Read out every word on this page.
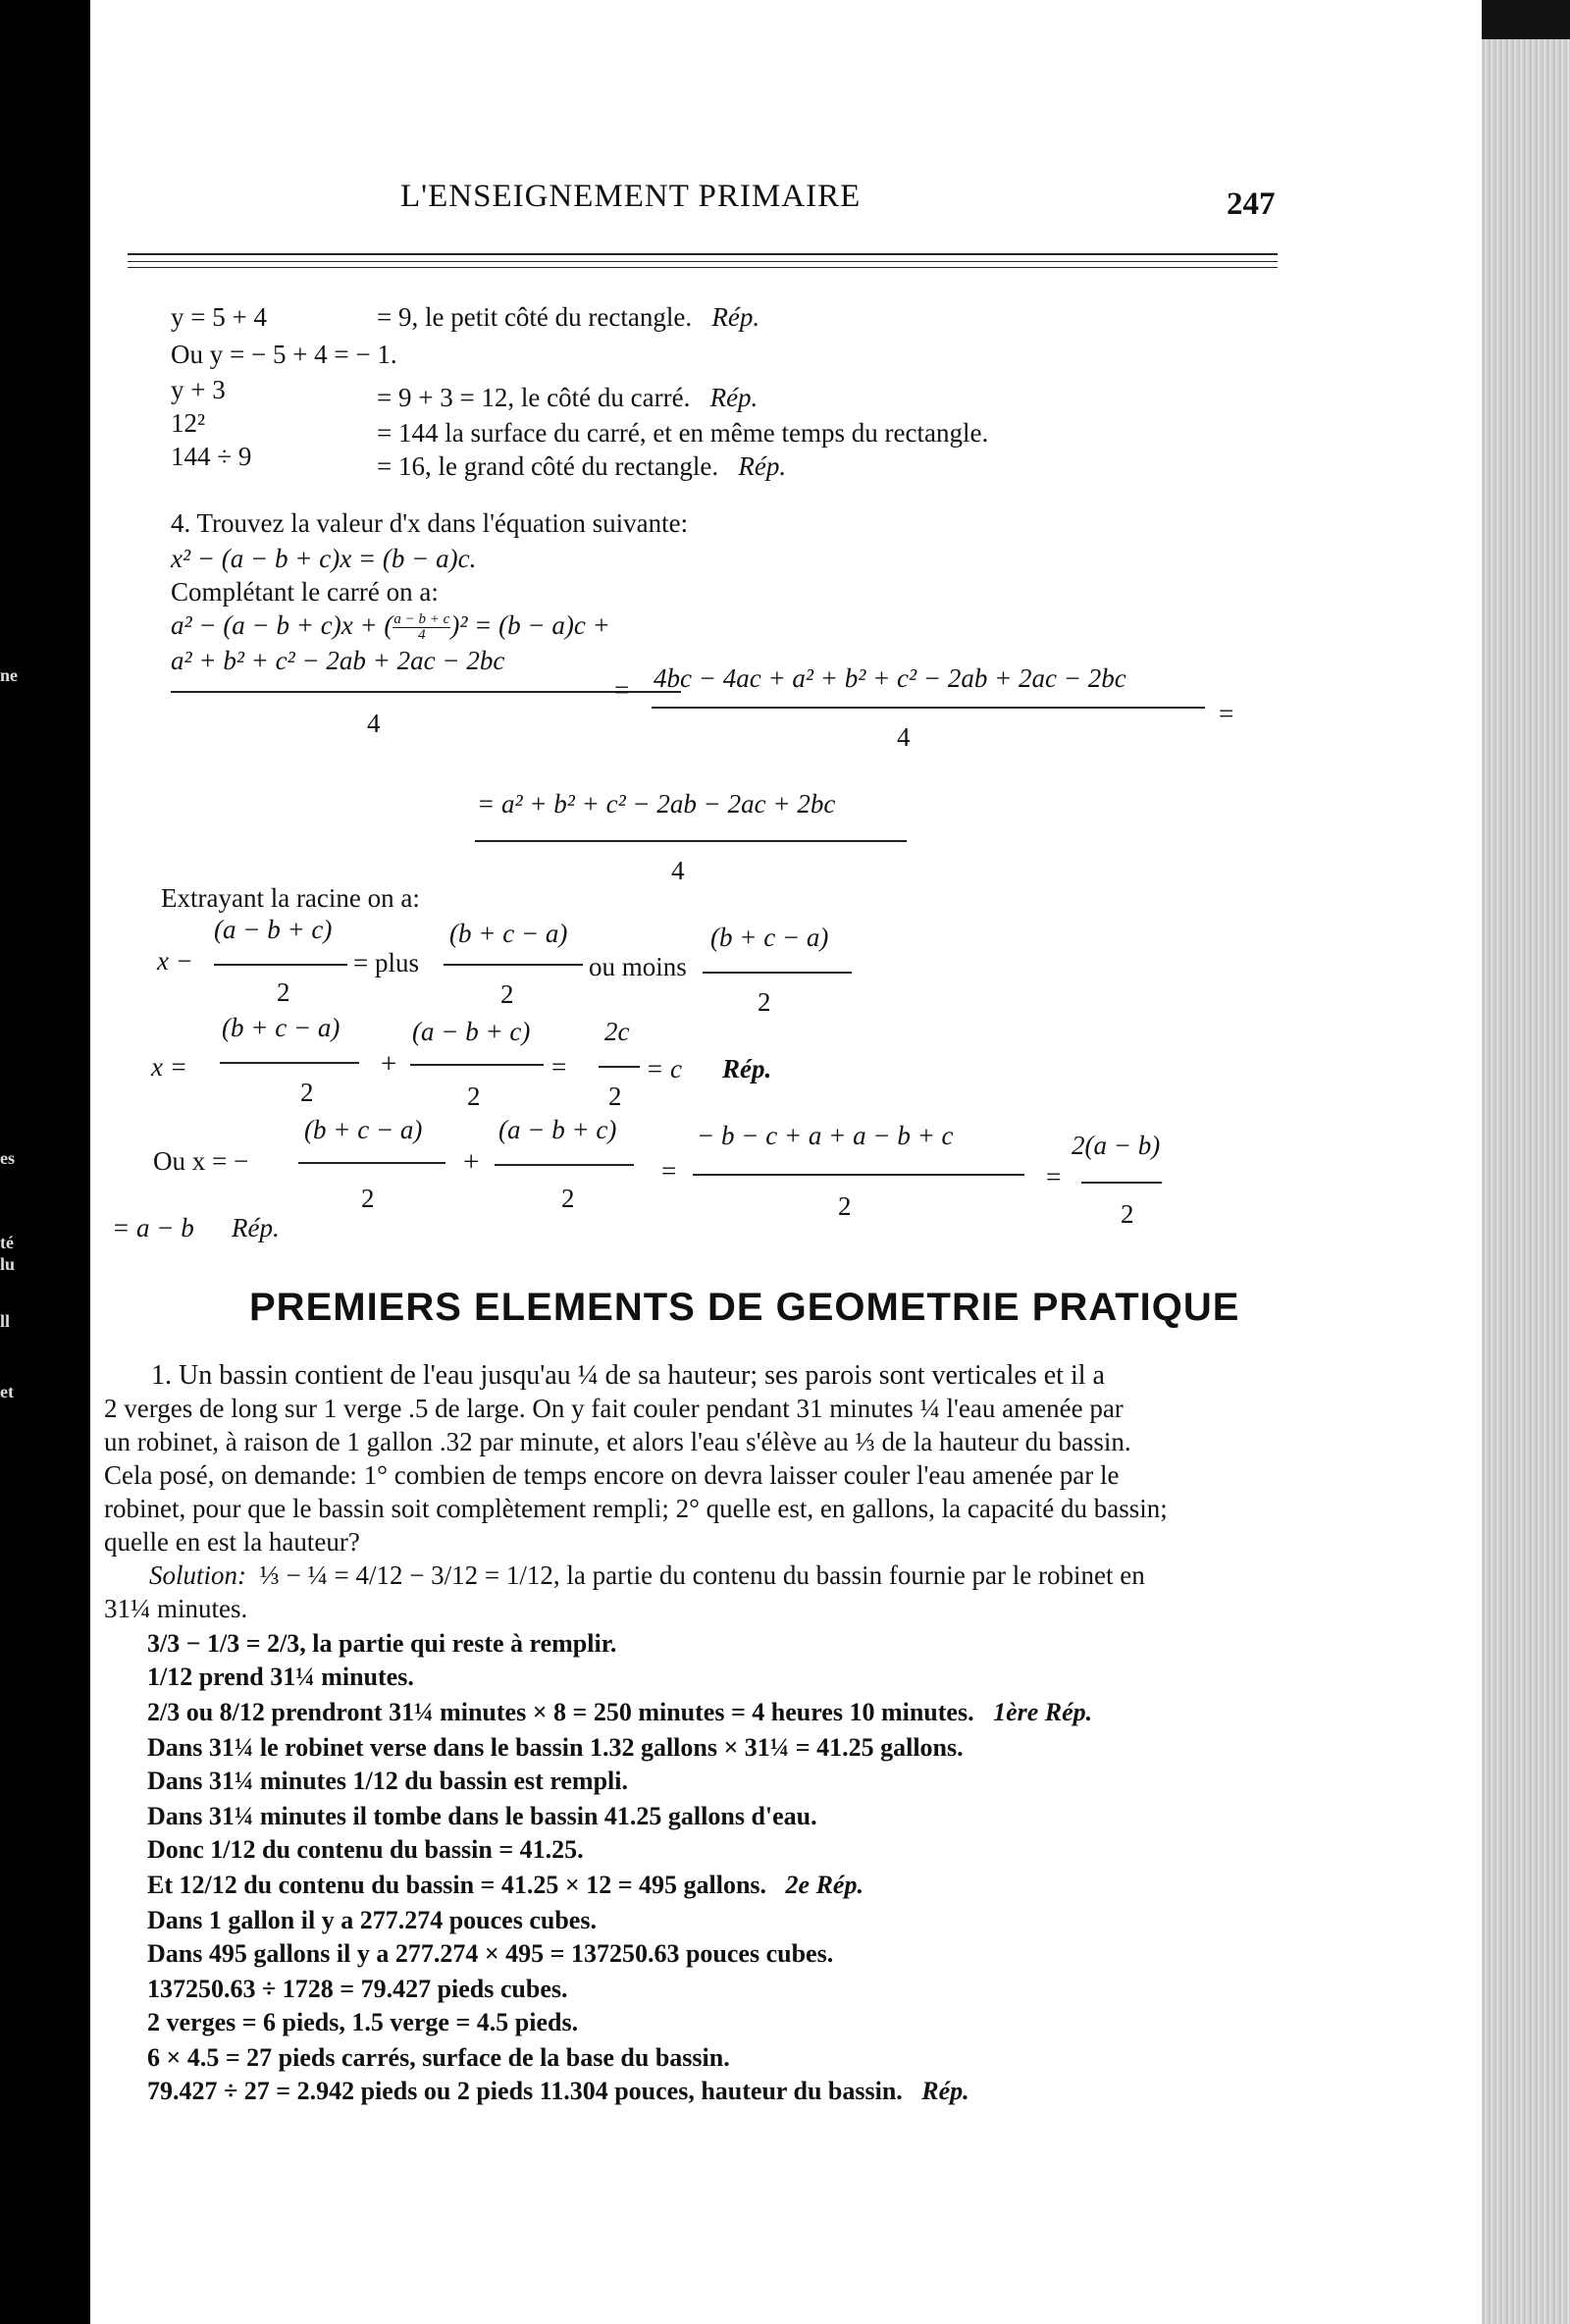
ne
es
té
lu
ll
et
L'ENSEIGNEMENT PRIMAIRE	247
y = 5 + 4	= 9, le petit côté du rectangle. Rép.
Ou y = − 5 + 4 = − 1.
y + 3	= 9 + 3 = 12, le côté du carré. Rép.
12²	= 144 la surface du carré, et en même temps du rectangle.
144 ÷ 9	= 16, le grand côté du rectangle. Rép.
4. Trouvez la valeur d'x dans l'équation suivante:
x² − (a − b + c)x = (b − a)c.
Complétant le carré on a:
a² − (a − b + c)x + ( $\frac{a - b + c}{4} )^2 = (b - a)c$ +
a² + b² + c² − 2ab + 2ac − 2bc
4
= 4bc − 4ac + a² + b² + c² − 2ab + 2ac − 2bc
4
=
= a² + b² + c² − 2ab − 2ac + 2bc
4
Extrayant la racine on a:
x −
(a − b + c)
2
= plus
(b + c − a)
2
ou moins
(b + c − a)
2
x =
(b + c − a)
2
+
(a − b + c)
2
=
2c
2
= c Rép.
Ou x = −
(b + c − a)
2
+
(a − b + c)
2
=
− b − c + a + a − b + c
2
=
2(a − b)
2
= a − b Rép.
PREMIERS ELEMENTS DE GEOMETRIE PRATIQUE
1. Un bassin contient de l'eau jusqu'au ¼ de sa hauteur; ses parois sont verticales et il a
2 verges de long sur 1 verge .5 de large. On y fait couler pendant 31 minutes ¼ l'eau amenée par
un robinet, à raison de 1 gallon .32 par minute, et alors l'eau s'élève au ⅓ de la hauteur du bassin.
Cela posé, on demande: 1° combien de temps encore on devra laisser couler l'eau amenée par le
robinet, pour que le bassin soit complètement rempli; 2° quelle est, en gallons, la capacité du bassin;
quelle en est la hauteur?
Solution: ⅓ − ¼ = 4/12 − 3/12 = 1/12, la partie du contenu du bassin fournie par le robinet en
31¼ minutes.
3/3 − 1/3 = 2/3, la partie qui reste à remplir.
1/12 prend 31¼ minutes.
2/3 ou 8/12 prendront 31¼ minutes × 8 = 250 minutes = 4 heures 10 minutes. 1ère Rép.
Dans 31¼ le robinet verse dans le bassin 1.32 gallons × 31¼ = 41.25 gallons.
Dans 31¼ minutes 1/12 du bassin est rempli.
Dans 31¼ minutes il tombe dans le bassin 41.25 gallons d'eau.
Donc 1/12 du contenu du bassin = 41.25.
Et 12/12 du contenu du bassin = 41.25 × 12 = 495 gallons. 2e Rép.
Dans 1 gallon il y a 277.274 pouces cubes.
Dans 495 gallons il y a 277.274 × 495 = 137250.63 pouces cubes.
137250.63 ÷ 1728 = 79.427 pieds cubes.
2 verges = 6 pieds, 1.5 verge = 4.5 pieds.
6 × 4.5 = 27 pieds carrés, surface de la base du bassin.
79.427 ÷ 27 = 2.942 pieds ou 2 pieds 11.304 pouces, hauteur du bassin. Rép.
